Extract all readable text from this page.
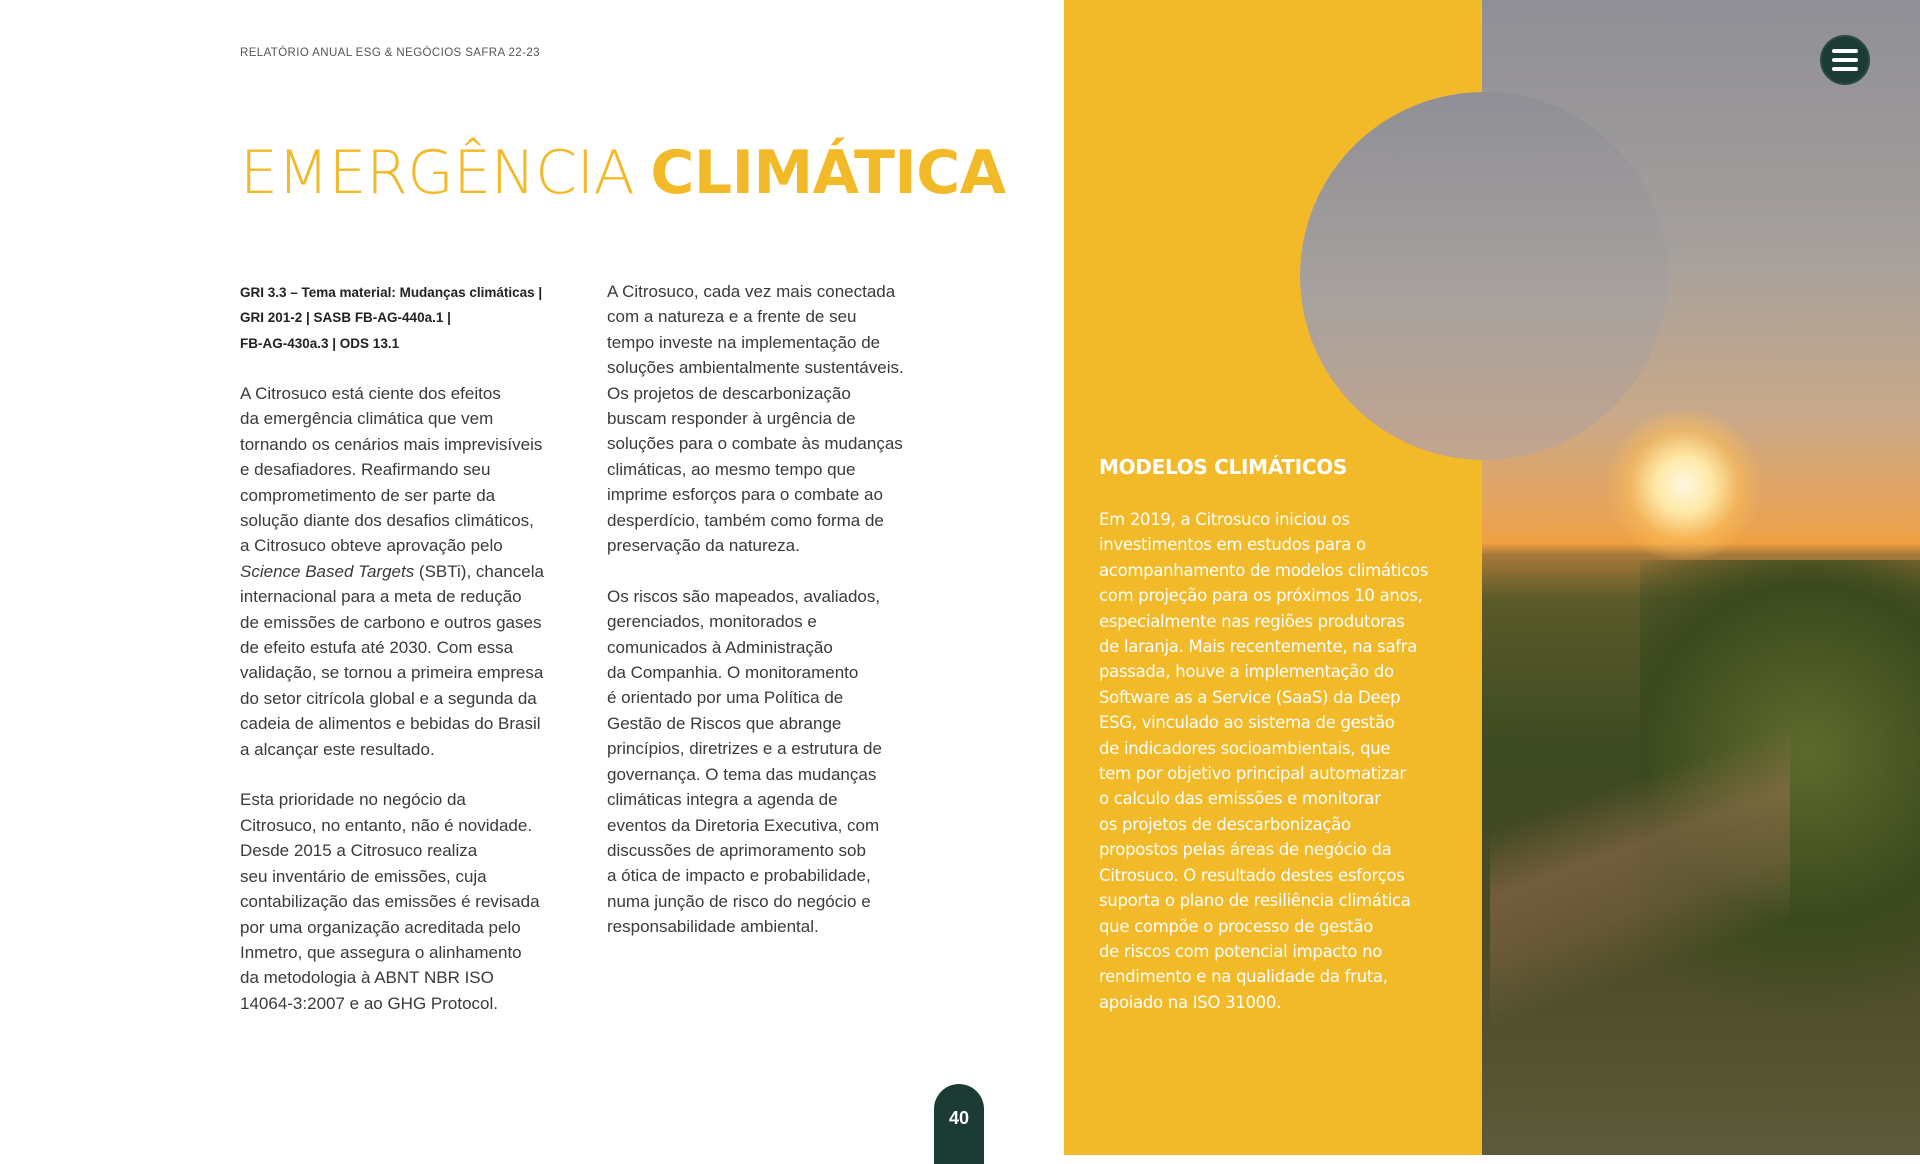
RELATÓRIO ANUAL ESG & NEGÓCIOS SAFRA 22-23
EMERGÊNCIA CLIMÁTICA
GRI 3.3 – Tema material: Mudanças climáticas |
GRI 201-2 | SASB FB-AG-440a.1 |
FB-AG-430a.3 | ODS 13.1
A Citrosuco está ciente dos efeitos
da emergência climática que vem
tornando os cenários mais imprevisíveis
e desafiadores. Reafirmando seu
comprometimento de ser parte da
solução diante dos desafios climáticos,
a Citrosuco obteve aprovação pelo
Science Based Targets (SBTi), chancela
internacional para a meta de redução
de emissões de carbono e outros gases
de efeito estufa até 2030. Com essa
validação, se tornou a primeira empresa
do setor citrícola global e a segunda da
cadeia de alimentos e bebidas do Brasil
a alcançar este resultado.
Esta prioridade no negócio da
Citrosuco, no entanto, não é novidade.
Desde 2015 a Citrosuco realiza
seu inventário de emissões, cuja
contabilização das emissões é revisada
por uma organização acreditada pelo
Inmetro, que assegura o alinhamento
da metodologia à ABNT NBR ISO
14064-3:2007 e ao GHG Protocol.
A Citrosuco, cada vez mais conectada
com a natureza e a frente de seu
tempo investe na implementação de
soluções ambientalmente sustentáveis.
Os projetos de descarbonização
buscam responder à urgência de
soluções para o combate às mudanças
climáticas, ao mesmo tempo que
imprime esforços para o combate ao
desperdício, também como forma de
preservação da natureza.
Os riscos são mapeados, avaliados,
gerenciados, monitorados e
comunicados à Administração
da Companhia. O monitoramento
é orientado por uma Política de
Gestão de Riscos que abrange
princípios, diretrizes e a estrutura de
governança. O tema das mudanças
climáticas integra a agenda de
eventos da Diretoria Executiva, com
discussões de aprimoramento sob
a ótica de impacto e probabilidade,
numa junção de risco do negócio e
responsabilidade ambiental.
MODELOS CLIMÁTICOS
Em 2019, a Citrosuco iniciou os
investimentos em estudos para o
acompanhamento de modelos climáticos
com projeção para os próximos 10 anos,
especialmente nas regiões produtoras
de laranja. Mais recentemente, na safra
passada, houve a implementação do
Software as a Service (SaaS) da Deep
ESG, vinculado ao sistema de gestão
de indicadores socioambientais, que
tem por objetivo principal automatizar
o calculo das emissões e monitorar
os projetos de descarbonização
propostos pelas áreas de negócio da
Citrosuco. O resultado destes esforços
suporta o plano de resiliência climática
que compõe o processo de gestão
de riscos com potencial impacto no
rendimento e na qualidade da fruta,
apoiado na ISO 31000.
40
